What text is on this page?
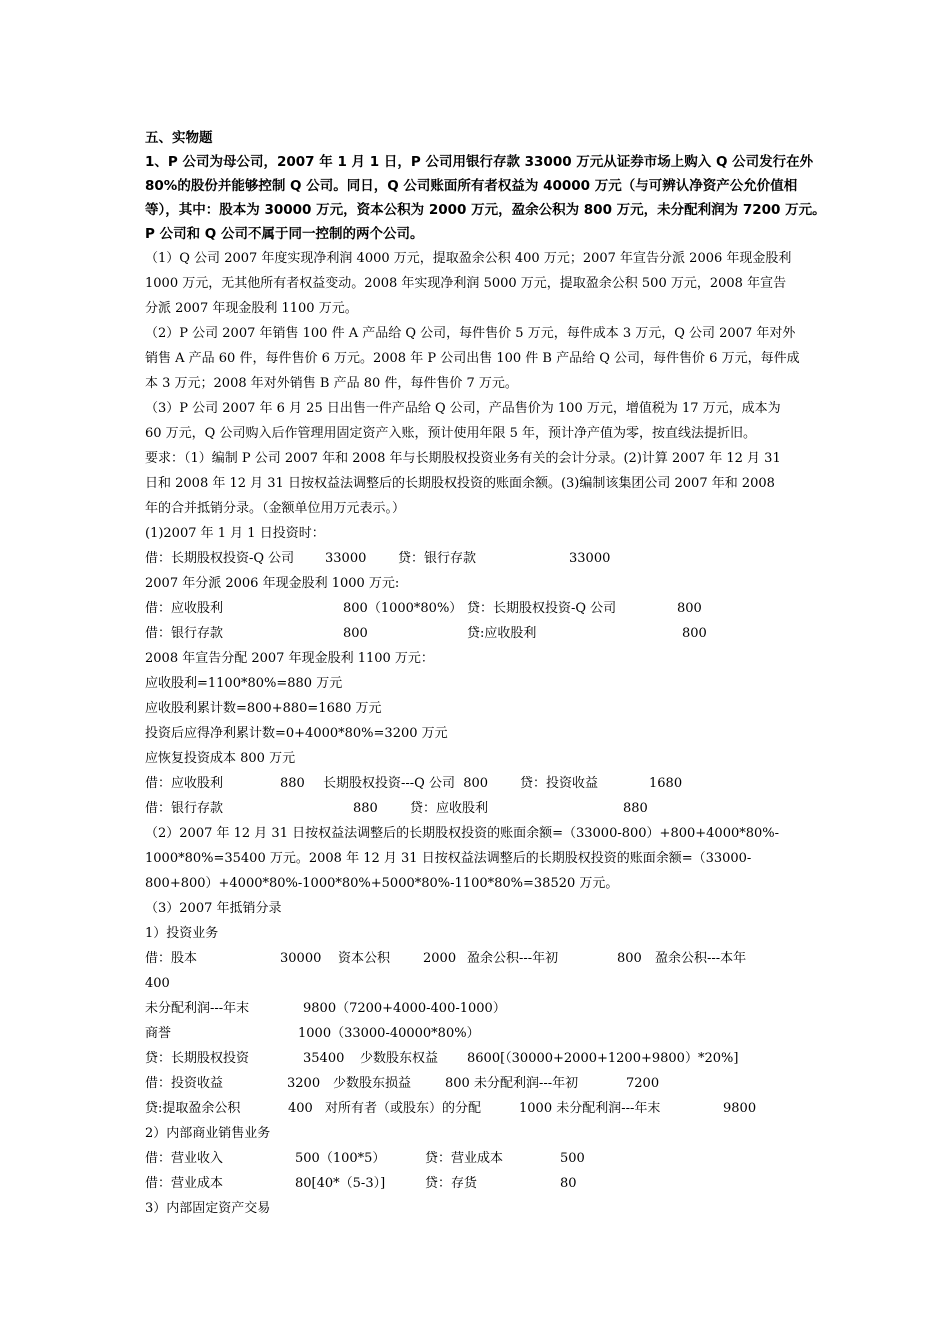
五、实物题

1、P 公司为母公司，2007 年 1 月 1 日，P 公司用银行存款 33000 万元从证券市场上购入 Q 公司发行在外

80%的股份并能够控制 Q 公司。同日，Q 公司账面所有者权益为 40000 万元（与可辨认净资产公允价值相

等），其中：股本为 30000 万元，资本公积为 2000 万元，盈余公积为 800 万元，未分配利润为 7200 万元。

P 公司和 Q 公司不属于同一控制的两个公司。

（1）Q 公司 2007 年度实现净利润 4000 万元，提取盈余公积 400 万元；2007 年宣告分派 2006 年现金股利

1000 万元，无其他所有者权益变动。2008 年实现净利润 5000 万元，提取盈余公积 500 万元，2008 年宣告

分派 2007 年现金股利 1100 万元。

（2）P 公司 2007 年销售 100 件 A 产品给 Q 公司，每件售价 5 万元，每件成本 3 万元，Q 公司 2007 年对外

销售 A 产品 60 件，每件售价 6 万元。2008 年 P 公司出售 100 件 B 产品给 Q 公司，每件售价 6 万元，每件成

本 3 万元；2008 年对外销售 B 产品 80 件，每件售价 7 万元。

（3）P 公司 2007 年 6 月 25 日出售一件产品给 Q 公司，产品售价为 100 万元，增值税为 17 万元，成本为

60 万元，Q 公司购入后作管理用固定资产入账，预计使用年限 5 年，预计净产值为零，按直线法提折旧。

要求：（1）编制 P 公司 2007 年和 2008 年与长期股权投资业务有关的会计分录。(2)计算 2007 年 12 月 31

日和 2008 年 12 月 31 日按权益法调整后的长期股权投资的账面余额。(3)编制该集团公司 2007 年和 2008

年的合并抵销分录。（金额单位用万元表示。）

(1)2007 年 1 月 1 日投资时：

借：长期股权投资-Q 公司 33000 贷：银行存款	33000

2007 年分派 2006 年现金股利 1000 万元:

借：应收股利	800（1000*80%） 贷：长期股权投资-Q 公司	800
借：银行存款	800	贷:应收股利	800

2008 年宣告分配 2007 年现金股利 1100 万元：

应收股利=1100*80%=880 万元

应收股利累计数=800+880=1680 万元

投资后应得净利累计数=0+4000*80%=3200 万元

应恢复投资成本 800 万元

借：应收股利	880 长期股权投资---Q 公司  800 贷：投资收益	1680
借：银行存款	880 贷：应收股利	880

（2）2007 年 12 月 31 日按权益法调整后的长期股权投资的账面余额=（33000-800）+800+4000*80%-

1000*80%=35400 万元。2008 年 12 月 31 日按权益法调整后的长期股权投资的账面余额=（33000-

800+800）+4000*80%-1000*80%+5000*80%-1100*80%=38520 万元。

（3）2007 年抵销分录

1）投资业务

借：股本	30000 资本公积	2000 盈余公积---年初	800 盈余公积---本年

400

未分配利润---年末	9800（7200+4000-400-1000）
商誉	1000（33000-40000*80%）
贷：长期股权投资	35400 少数股东权益 8600[（30000+2000+1200+9800）*20%]
借：投资收益	3200 少数股东损益	800 未分配利润---年初	7200
贷:提取盈余公积	400 对所有者（或股东）的分配	1000 未分配利润---年末	9800

2）内部商业销售业务

借：营业收入	500（100*5）	贷：营业成本	500
借：营业成本	80[40*（5-3）]	贷：存货	80

3）内部固定资产交易
